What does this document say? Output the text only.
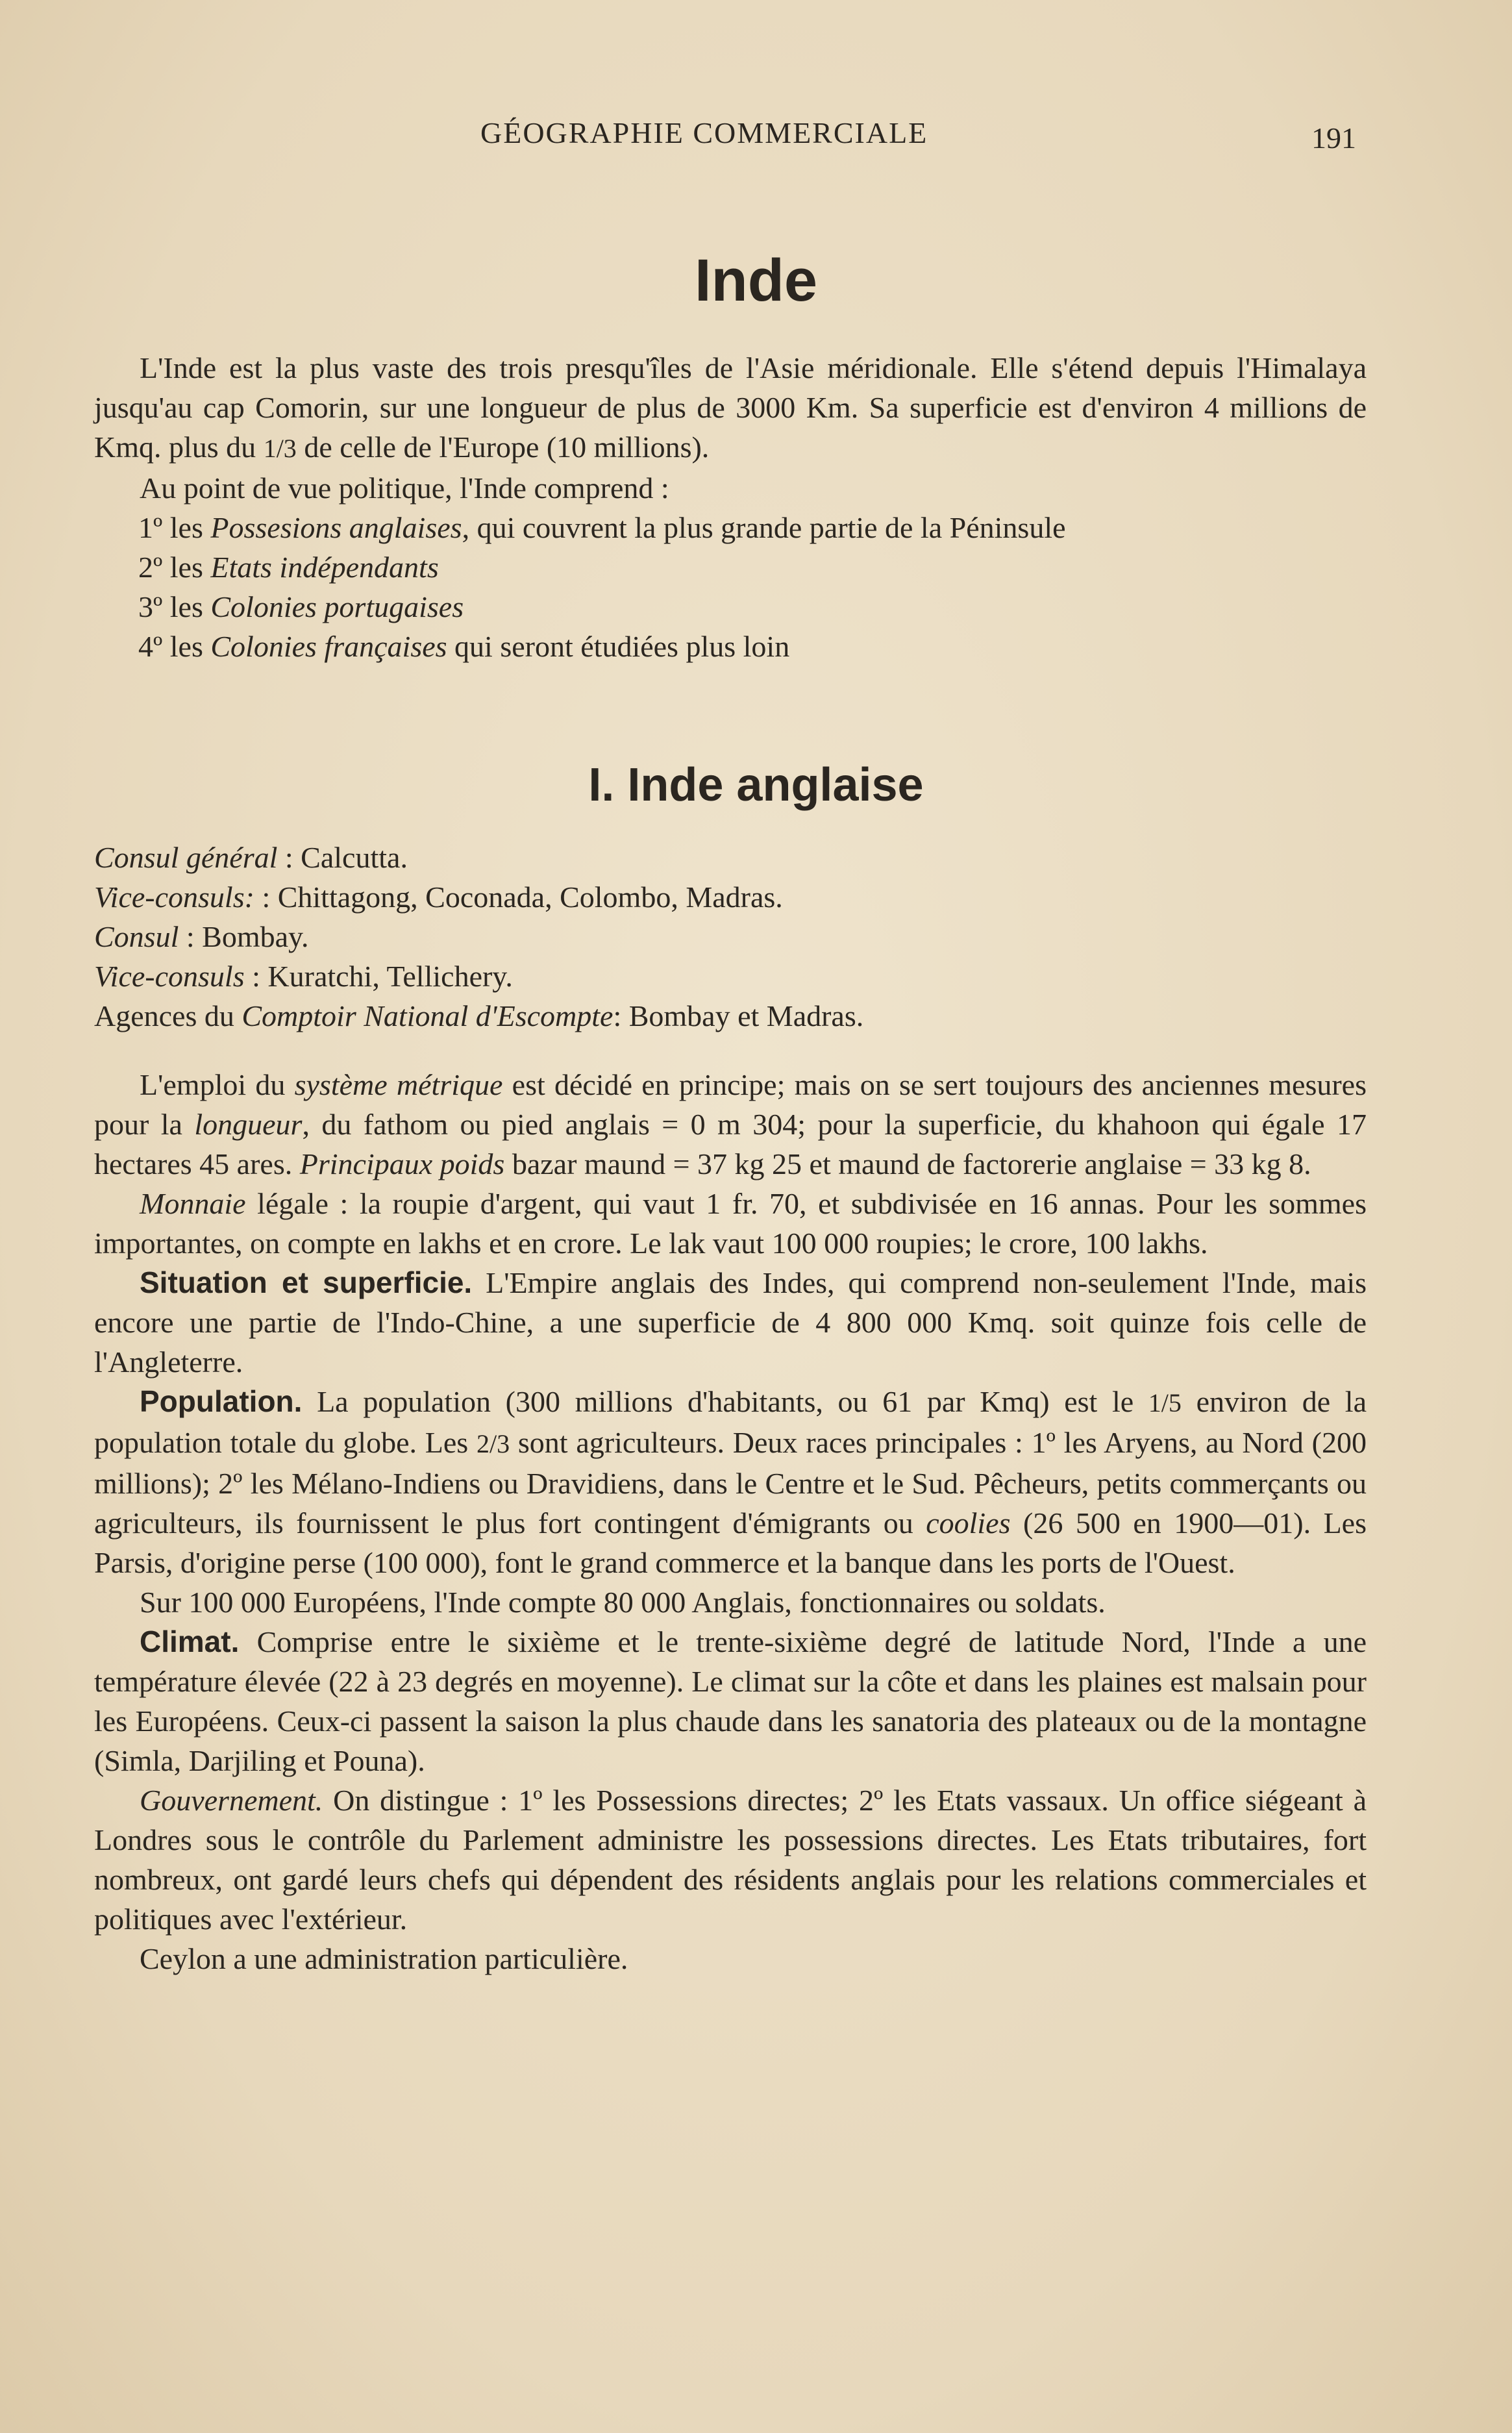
GÉOGRAPHIE COMMERCIALE	191
Inde

L'Inde est la plus vaste des trois presqu'îles de l'Asie méridionale. Elle s'étend depuis l'Himalaya jusqu'au cap Comorin, sur une longueur de plus de 3000 Km. Sa superficie est d'environ 4 millions de Kmq. plus du 1/3 de celle de l'Europe (10 millions).

Au point de vue politique, l'Inde comprend :

1º les Possesions anglaises, qui couvrent la plus grande partie de la Péninsule
2º les Etats indépendants
3º les Colonies portugaises
4º les Colonies françaises qui seront étudiées plus loin
I. Inde anglaise
Consul général : Calcutta.
Vice-consuls: : Chittagong, Coconada, Colombo, Madras.
Consul : Bombay.
Vice-consuls : Kuratchi, Tellichery.
Agences du Comptoir National d'Escompte: Bombay et Madras.

L'emploi du système métrique est décidé en principe; mais on se sert toujours des anciennes mesures pour la longueur, du fathom ou pied anglais = 0 m 304; pour la superficie, du khahoon qui égale 17 hectares 45 ares. Principaux poids bazar maund = 37 kg 25 et maund de factorerie anglaise = 33 kg 8.

Monnaie légale : la roupie d'argent, qui vaut 1 fr. 70, et subdivisée en 16 annas. Pour les sommes importantes, on compte en lakhs et en crore. Le lak vaut 100 000 roupies; le crore, 100 lakhs.

Situation et superficie. L'Empire anglais des Indes, qui comprend non-seulement l'Inde, mais encore une partie de l'Indo-Chine, a une superficie de 4 800 000 Kmq. soit quinze fois celle de l'Angleterre.

Population. La population (300 millions d'habitants, ou 61 par Kmq) est le 1/5 environ de la population totale du globe. Les 2/3 sont agriculteurs. Deux races principales : 1º les Aryens, au Nord (200 millions); 2º les Mélano-Indiens ou Dravidiens, dans le Centre et le Sud. Pêcheurs, petits commerçants ou agriculteurs, ils fournissent le plus fort contingent d'émigrants ou coolies (26 500 en 1900—01). Les Parsis, d'origine perse (100 000), font le grand commerce et la banque dans les ports de l'Ouest.

Sur 100 000 Européens, l'Inde compte 80 000 Anglais, fonctionnaires ou soldats.

Climat. Comprise entre le sixième et le trente-sixième degré de latitude Nord, l'Inde a une température élevée (22 à 23 degrés en moyenne). Le climat sur la côte et dans les plaines est malsain pour les Européens. Ceux-ci passent la saison la plus chaude dans les sanatoria des plateaux ou de la montagne (Simla, Darjiling et Pouna).

Gouvernement. On distingue : 1º les Possessions directes; 2º les Etats vassaux. Un office siégeant à Londres sous le contrôle du Parlement administre les possessions directes. Les Etats tributaires, fort nombreux, ont gardé leurs chefs qui dépendent des résidents anglais pour les relations commerciales et politiques avec l'extérieur.

Ceylon a une administration particulière.
